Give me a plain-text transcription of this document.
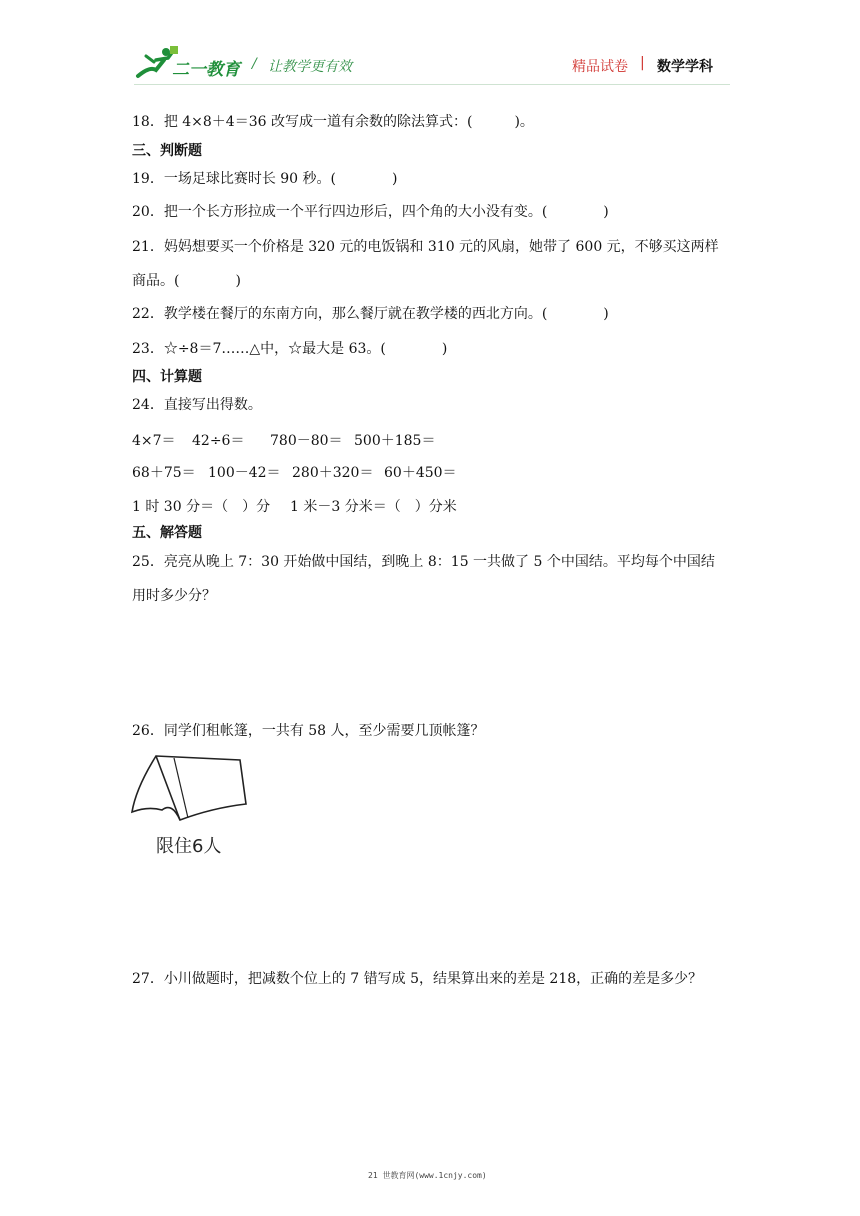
二一教育 / 让教学更有效	精品试卷 | 数学学科
18．把 4×8＋4＝36 改写成一道有余数的除法算式：(　　　)。
三、判断题
19．一场足球比赛时长 90 秒。(　　　　)
20．把一个长方形拉成一个平行四边形后，四个角的大小没有变。(　　　　)
21．妈妈想要买一个价格是 320 元的电饭锅和 310 元的风扇，她带了 600 元，不够买这两样
商品。(　　　　)
22．教学楼在餐厅的东南方向，那么餐厅就在教学楼的西北方向。(　　　　)
23．☆÷8＝7……△中，☆最大是 63。(　　　　)
四、计算题
24．直接写出得数。
4×7＝ 42÷6＝ 780－80＝ 500＋185＝
68＋75＝ 100－42＝ 280＋320＝ 60＋450＝
1 时 30 分＝（　）分 1 米－3 分米＝（　）分米
五、解答题
25．亮亮从晚上 7：30 开始做中国结，到晚上 8：15 一共做了 5 个中国结。平均每个中国结
用时多少分？
26．同学们租帐篷，一共有 58 人，至少需要几顶帐篷？
限住6人
27．小川做题时，把减数个位上的 7 错写成 5，结果算出来的差是 218，正确的差是多少？
21 世教育网(www.1cnjy.com)
